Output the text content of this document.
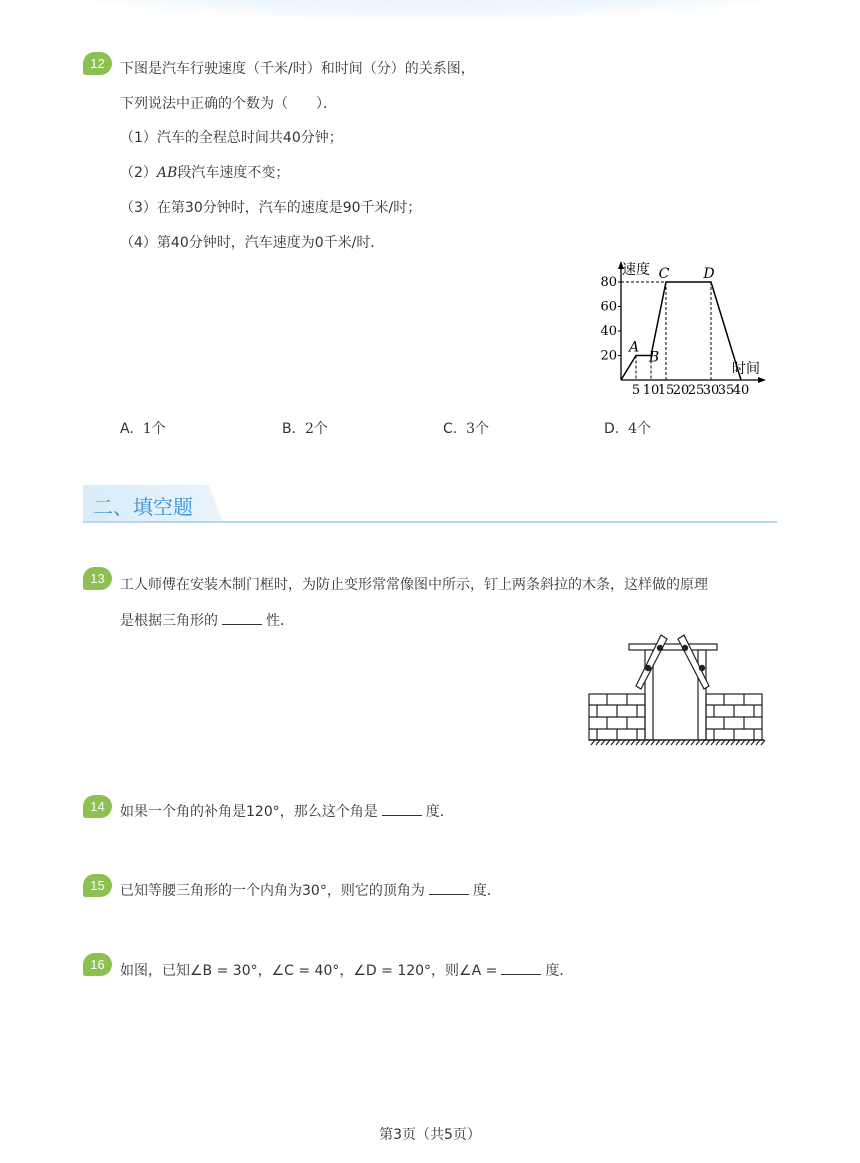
12	下图是汽车行驶速度（千米/时）和时间（分）的关系图，
下列说法中正确的个数为（　　）．
（1）汽车的全程总时间共40分钟；
（2）AB段汽车速度不变；
（3）在第30分钟时，汽车的速度是90千米/时；
（4）第40分钟时，汽车速度为0千米/时．
20
40
60
80
5 10
15
20
25
30
35
40
A
B
C D
速度
时间
A. 1个	B. 2个	C. 3个	D. 4个
二、填空题
13	工人师傅在安装木制门框时，为防止变形常常像图中所示，钉上两条斜拉的木条，这样做的原理
是根据三角形的	性．
14	如果一个角的补角是120°，那么这个角是	度．
15	已知等腰三角形的一个内角为30°，则它的顶角为	度．
16	如图，已知∠B = 30°，∠C = 40°，∠D = 120°，则∠A =	度．
第3页（共5页）
